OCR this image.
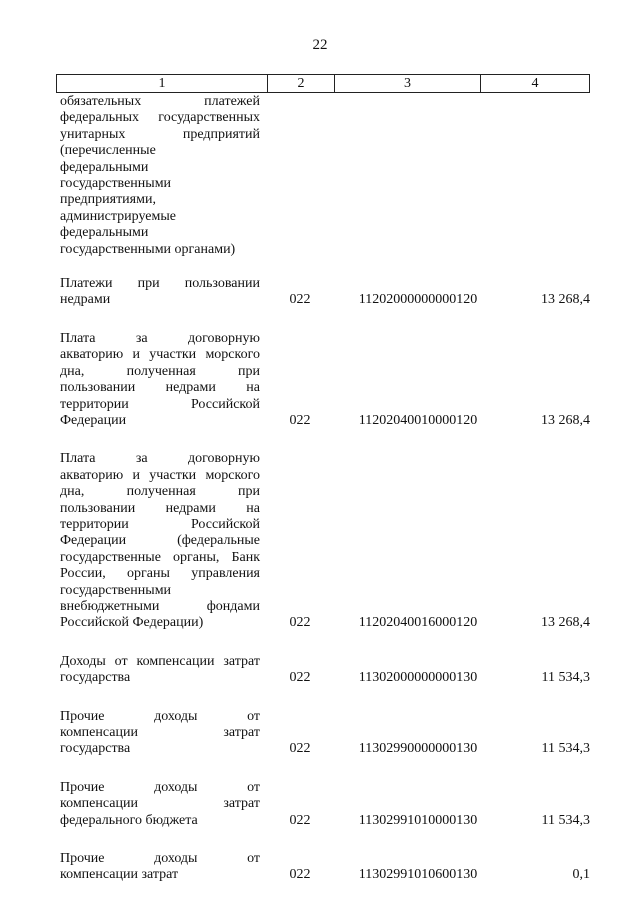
22
1	2	3	4
обязательных платежей
федеральных государственных
унитарных предприятий
(перечисленные
федеральными
государственными
предприятиями,
администрируемые
федеральными
государственными органами)
Платежи при пользовании
недрами	022	11202000000000120	13 268,4
Плата за договорную
акваторию и участки морского
дна, полученная при
пользовании недрами на
территории Российской
Федерации	022	11202040010000120	13 268,4
Плата за договорную
акваторию и участки морского
дна, полученная при
пользовании недрами на
территории Российской
Федерации (федеральные
государственные органы, Банк
России, органы управления
государственными
внебюджетными фондами
Российской Федерации)	022	11202040016000120	13 268,4
Доходы от компенсации затрат
государства	022	11302000000000130	11 534,3
Прочие доходы от
компенсации затрат
государства	022	11302990000000130	11 534,3
Прочие доходы от
компенсации затрат
федерального бюджета	022	11302991010000130	11 534,3
Прочие доходы от
компенсации затрат	022	11302991010600130	0,1
